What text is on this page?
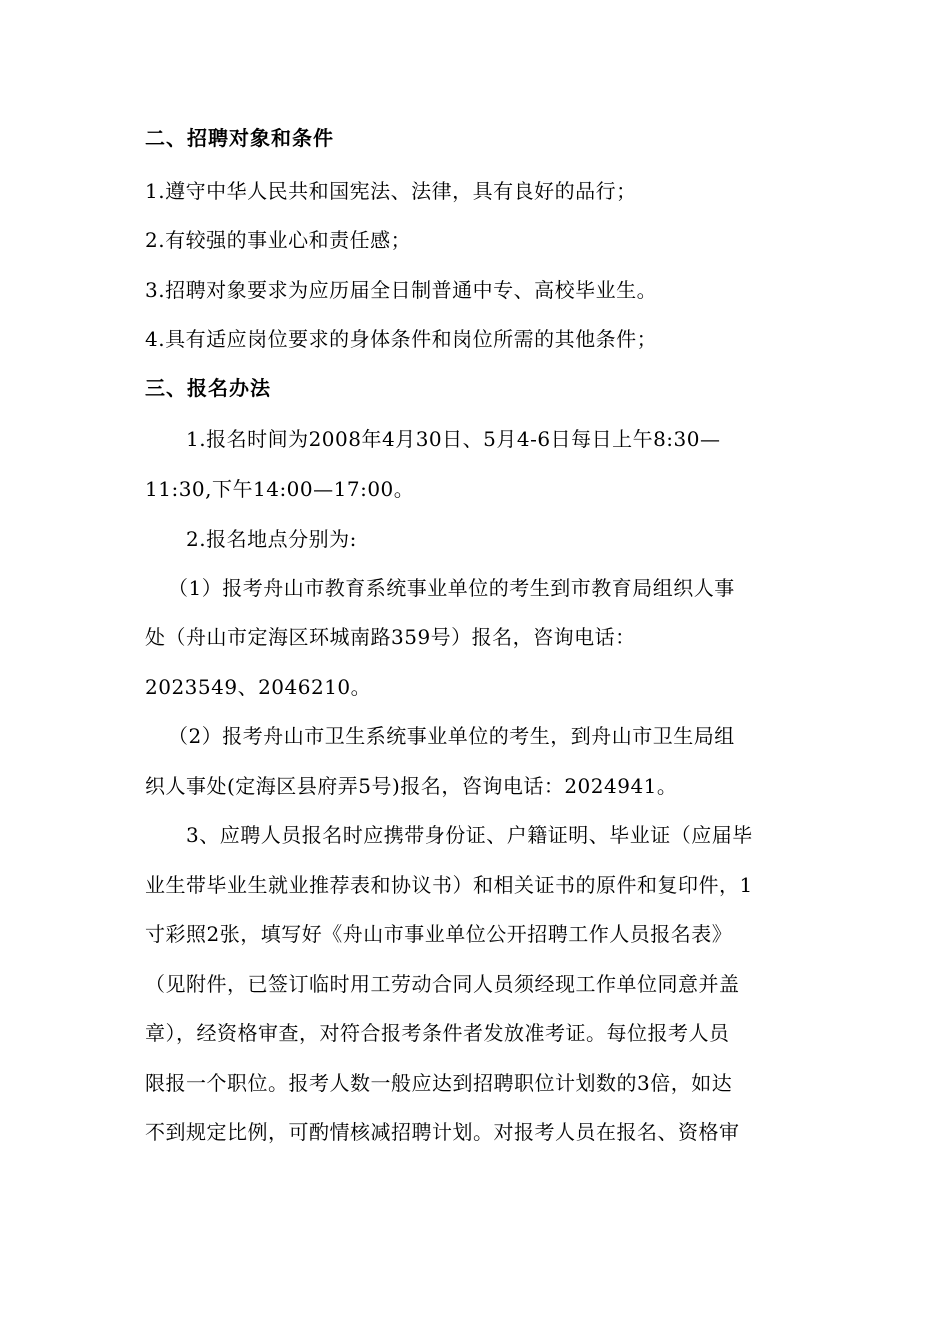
二、招聘对象和条件
1.遵守中华人民共和国宪法、法律，具有良好的品行；
2.有较强的事业心和责任感；
3.招聘对象要求为应历届全日制普通中专、高校毕业生。
4.具有适应岗位要求的身体条件和岗位所需的其他条件；
三、报名办法
1.报名时间为2008年4月30日、5月4-6日每日上午8:30—
11:30,下午14:00—17:00。
2.报名地点分别为:
（1）报考舟山市教育系统事业单位的考生到市教育局组织人事
处（舟山市定海区环城南路359号）报名，咨询电话：
2023549、2046210。
（2）报考舟山市卫生系统事业单位的考生，到舟山市卫生局组
织人事处(定海区县府弄5号)报名，咨询电话：2024941。
3、应聘人员报名时应携带身份证、户籍证明、毕业证（应届毕
业生带毕业生就业推荐表和协议书）和相关证书的原件和复印件，1
寸彩照2张，填写好《舟山市事业单位公开招聘工作人员报名表》
（见附件，已签订临时用工劳动合同人员须经现工作单位同意并盖
章），经资格审查，对符合报考条件者发放准考证。每位报考人员
限报一个职位。报考人数一般应达到招聘职位计划数的3倍，如达
不到规定比例，可酌情核减招聘计划。对报考人员在报名、资格审
